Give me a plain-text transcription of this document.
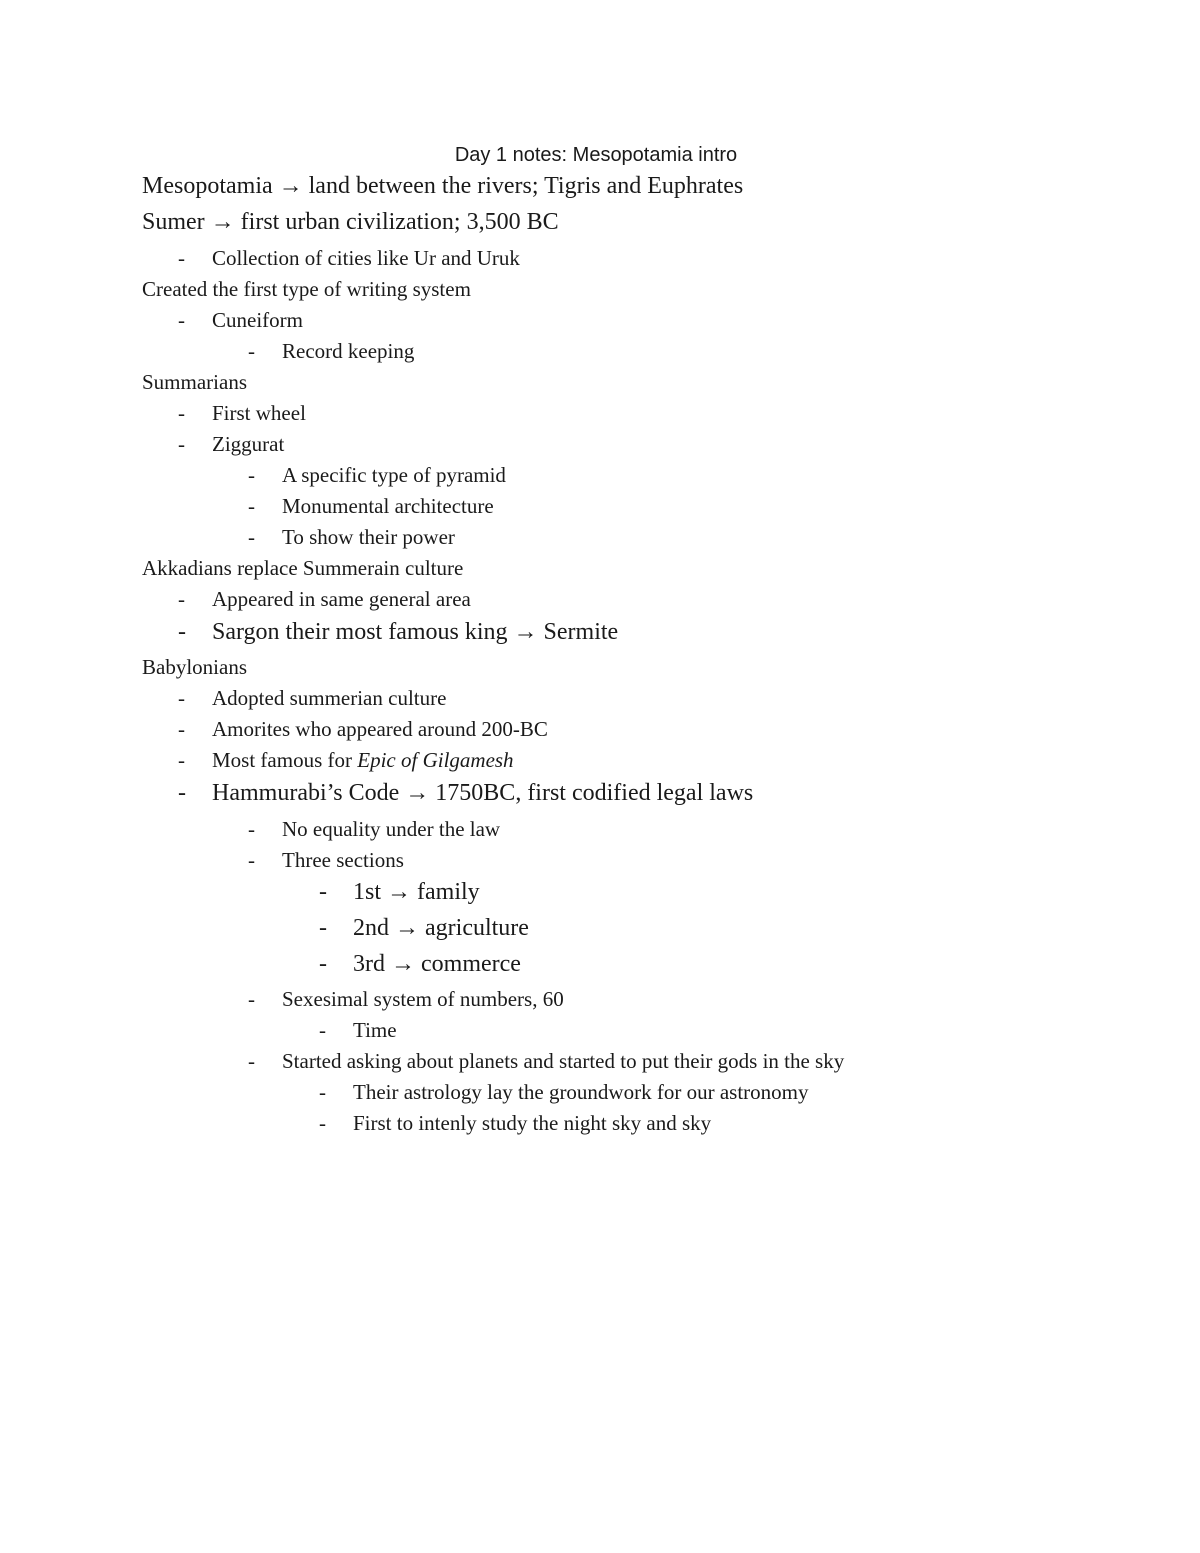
Day 1 notes: Mesopotamia intro
Mesopotamia → land between the rivers; Tigris and Euphrates
Sumer → first urban civilization; 3,500 BC
- Collection of cities like Ur and Uruk
Created the first type of writing system
- Cuneiform
- Record keeping
Summarians
- First wheel
- Ziggurat
- A specific type of pyramid
- Monumental architecture
- To show their power
Akkadians replace Summerain culture
- Appeared in same general area
- Sargon their most famous king → Sermite
Babylonians
- Adopted summerian culture
- Amorites who appeared around 200-BC
- Most famous for Epic of Gilgamesh
- Hammurabi’s Code → 1750BC, first codified legal laws
- No equality under the law
- Three sections
- 1st → family
- 2nd → agriculture
- 3rd → commerce
- Sexesimal system of numbers, 60
- Time
- Started asking about planets and started to put their gods in the sky
- Their astrology lay the groundwork for our astronomy
- First to intenly study the night sky and sky
